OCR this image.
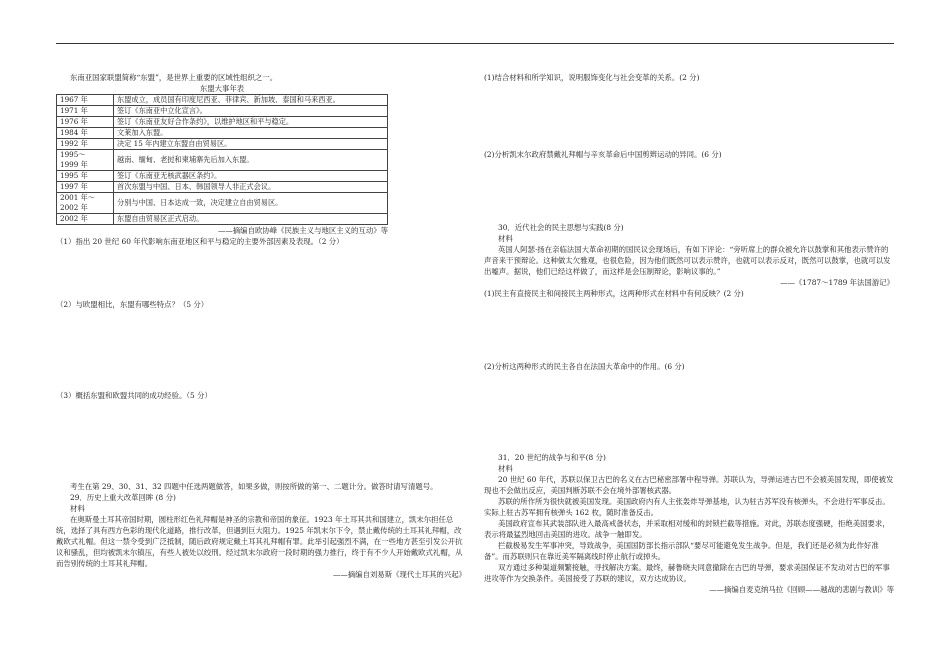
东南亚国家联盟简称“东盟”，是世界上重要的区域性组织之一。

东盟大事年表

1967 年	东盟成立，成员国有印度尼西亚、菲律宾、新加坡、泰国和马来西亚。
1971 年	签订《东南亚中立化宣言》。
1976 年	签订《东南亚友好合作条约》，以维护地区和平与稳定。
1984 年	文莱加入东盟。
1992 年	决定 15 年内建立东盟自由贸易区。
1995～
1999 年	越南、缅甸、老挝和柬埔寨先后加入东盟。
1995 年	签订《东南亚无核武器区条约》。
1997 年	首次东盟与中国、日本、韩国领导人非正式会议。
2001 年～
2002 年	分别与中国、日本达成一致，决定建立自由贸易区。
2002 年	东盟自由贸易区正式启动。

——摘编自欧协峰《民族主义与地区主义的互动》等

（1）指出 20 世纪 60 年代影响东南亚地区和平与稳定的主要外部因素及表现。（2 分）

（2）与欧盟相比，东盟有哪些特点？（5 分）

（3）概括东盟和欧盟共同的成功经验。（5 分）

考生在第 29、30、31、32 四题中任选两题做答，如果多做，则按所做的第一、二题计分。做答时请写清题号。

29．历史上重大改革回眸 (8 分)

材料

在奥斯曼土耳其帝国时期，圆柱形红色礼拜帽是神圣的宗教和帝国的象征。1923 年土耳其共和国建立，凯末尔担任总统，选择了具有西方色彩的现代化道路，推行改革，但遇到巨大阻力。1925 年凯末尔下令，禁止戴传统的土耳其礼拜帽，改戴欧式礼帽。但这一禁令受到广泛抵制，随后政府规定戴土耳其礼拜帽有罪。此举引起强烈不满，在一些地方甚至引发公开抗议和骚乱，但均被凯末尔镇压，有些人被处以绞刑。经过凯末尔政府一段时期的强力推行，终于有不少人开始戴欧式礼帽，从而告别传统的土耳其礼拜帽。

——摘编自刘易斯《现代土耳其的兴起》

(1)结合材料和所学知识，说明服饰变化与社会变革的关系。(2 分)

(2)分析凯末尔政府禁戴礼拜帽与辛亥革命后中国剪辫运动的异同。(6 分)

30．近代社会的民主思想与实践(8 分)

材料

英国人阿瑟·扬在亲临法国大革命初期的国民议会现场后，有如下评论：“旁听席上的群众被允许以鼓掌和其他表示赞许的声音来干预辩论。这种做太欠雅观，也很危险，因为他们既然可以表示赞许，也就可以表示反对，既然可以鼓掌，也就可以发出嘘声。据说，他们已经这样做了，而这样是会压制辩论，影响议事的。”

——《1787～1789 年法国游记》

(1)民主有直接民主和间接民主两种形式，这两种形式在材料中有何反映？(2 分)

(2)分析这两种形式的民主各自在法国大革命中的作用。(6 分)

31．20 世纪的战争与和平(8 分)

材料

20 世纪 60 年代，苏联以保卫古巴的名义在古巴秘密部署中程导弹。苏联认为，导弹运进古巴不会被美国发现，即使被发现也不会做出反应，美国判断苏联不会在境外部署核武器。

苏联的所作所为很快就被美国发现。美国政府内有人主张轰炸导弹基地，认为驻古苏军没有核弹头，不会进行军事反击。实际上驻古苏军拥有核弹头 162 枚，随时准备反击。

美国政府宣布其武装部队进入最高戒备状态，并采取相对缓和的封锁拦截等措施。对此，苏联态度强硬，拒绝美国要求，表示将最猛烈地回击美国的进攻。战争一触即发。

拦截极易发生军事冲突，导致战争，美国国防部长指示部队“要尽可能避免发生战争。但是，我们还是必须为此作好准备”。而苏联则只在靠近美军隔离线时停止航行或掉头。

双方通过多种渠道频繁接触，寻找解决方案。最终，赫鲁晓夫同意撤除在古巴的导弹，要求美国保证不发动对古巴的军事进攻等作为交换条件。美国接受了苏联的建议，双方达成协议。

——摘编自麦克纳马拉《回顾——越战的悲剧与教训》等
